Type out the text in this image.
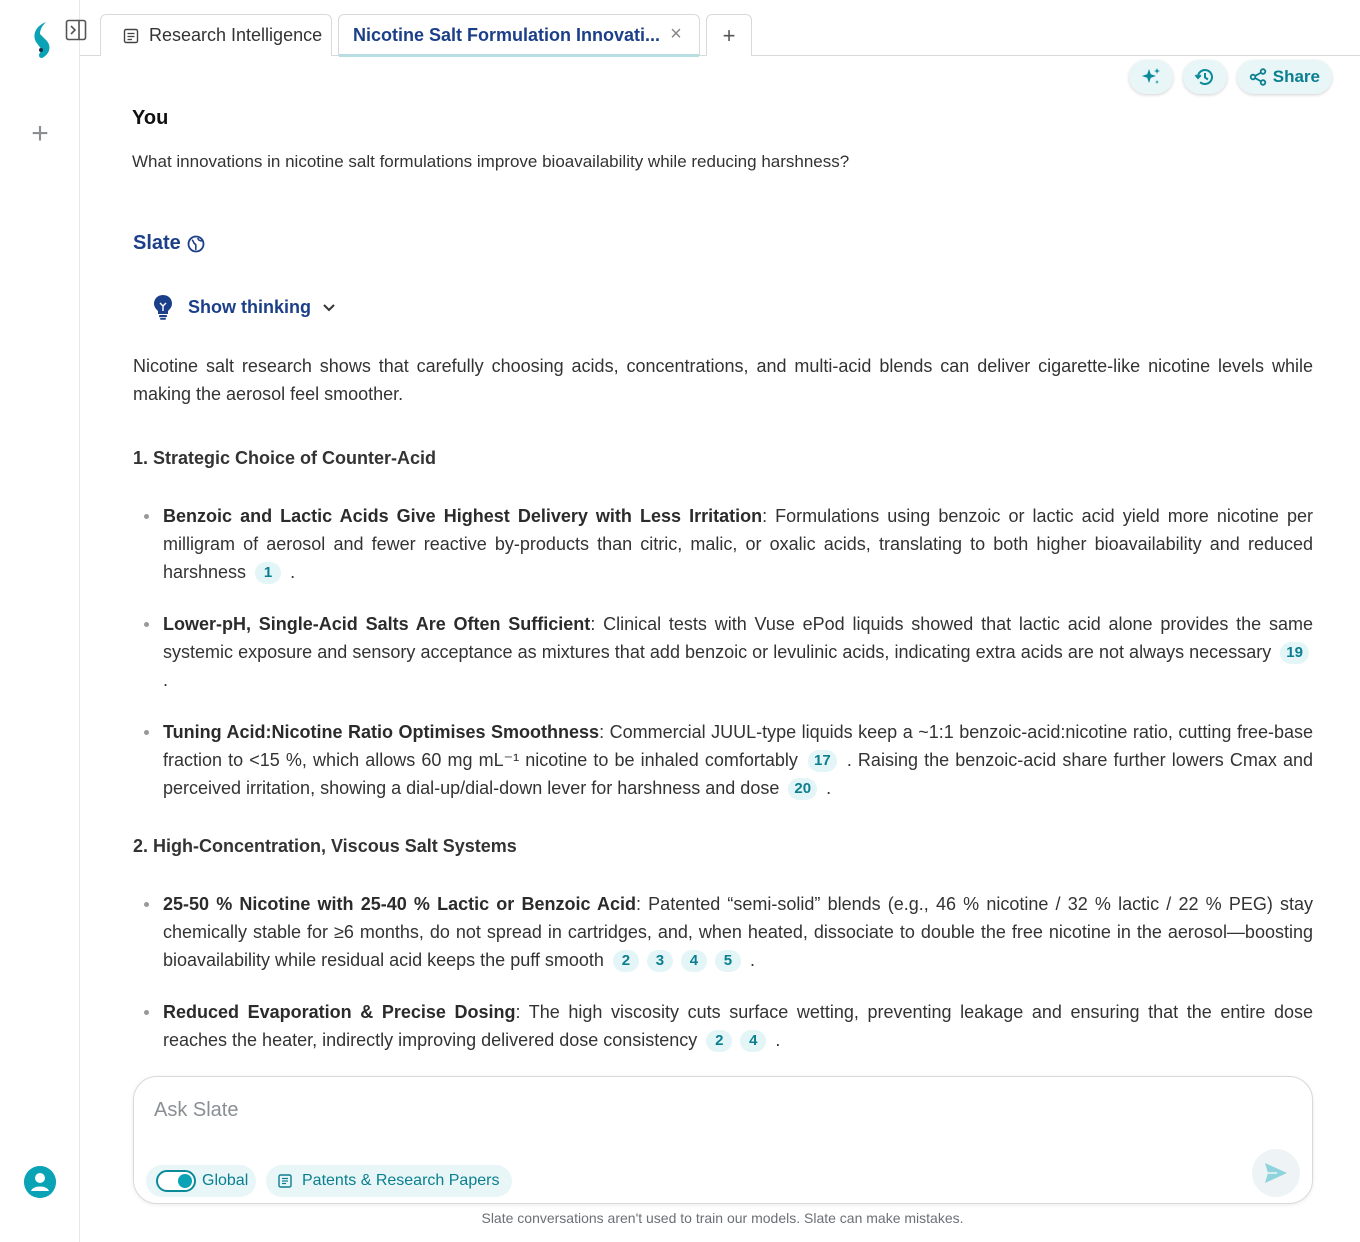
+
Research Intelligence Nicotine Salt Formulation Innovati... × +
Share
You
What innovations in nicotine salt formulations improve bioavailability while reducing harshness?
Slate
Show thinking
Nicotine salt research shows that carefully choosing acids, concentrations, and multi-acid blends can deliver cigarette-like nicotine levels while making the aerosol feel smoother.
1. Strategic Choice of Counter-Acid
Benzoic and Lactic Acids Give Highest Delivery with Less Irritation: Formulations using benzoic or lactic acid yield more nicotine per milligram of aerosol and fewer reactive by-products than citric, malic, or oxalic acids, translating to both higher bioavailability and reduced harshness 1 .
Lower-pH, Single-Acid Salts Are Often Sufficient: Clinical tests with Vuse ePod liquids showed that lactic acid alone provides the same systemic exposure and sensory acceptance as mixtures that add benzoic or levulinic acids, indicating extra acids are not always necessary 19 .
Tuning Acid:Nicotine Ratio Optimises Smoothness: Commercial JUUL-type liquids keep a ~1:1 benzoic-acid:nicotine ratio, cutting free-base fraction to <15 %, which allows 60 mg mL⁻¹ nicotine to be inhaled comfortably 17 . Raising the benzoic-acid share further lowers Cmax and perceived irritation, showing a dial-up/dial-down lever for harshness and dose 20 .
2. High-Concentration, Viscous Salt Systems
25-50 % Nicotine with 25-40 % Lactic or Benzoic Acid: Patented “semi-solid” blends (e.g., 46 % nicotine / 32 % lactic / 22 % PEG) stay chemically stable for ≥6 months, do not spread in cartridges, and, when heated, dissociate to double the free nicotine in the aerosol—boosting bioavailability while residual acid keeps the puff smooth 2 3 4 5 .
Reduced Evaporation & Precise Dosing: The high viscosity cuts surface wetting, preventing leakage and ensuring that the entire dose reaches the heater, indirectly improving delivered dose consistency 2 4 .
Ask Slate
Global	Patents & Research Papers
Slate conversations aren't used to train our models. Slate can make mistakes.
